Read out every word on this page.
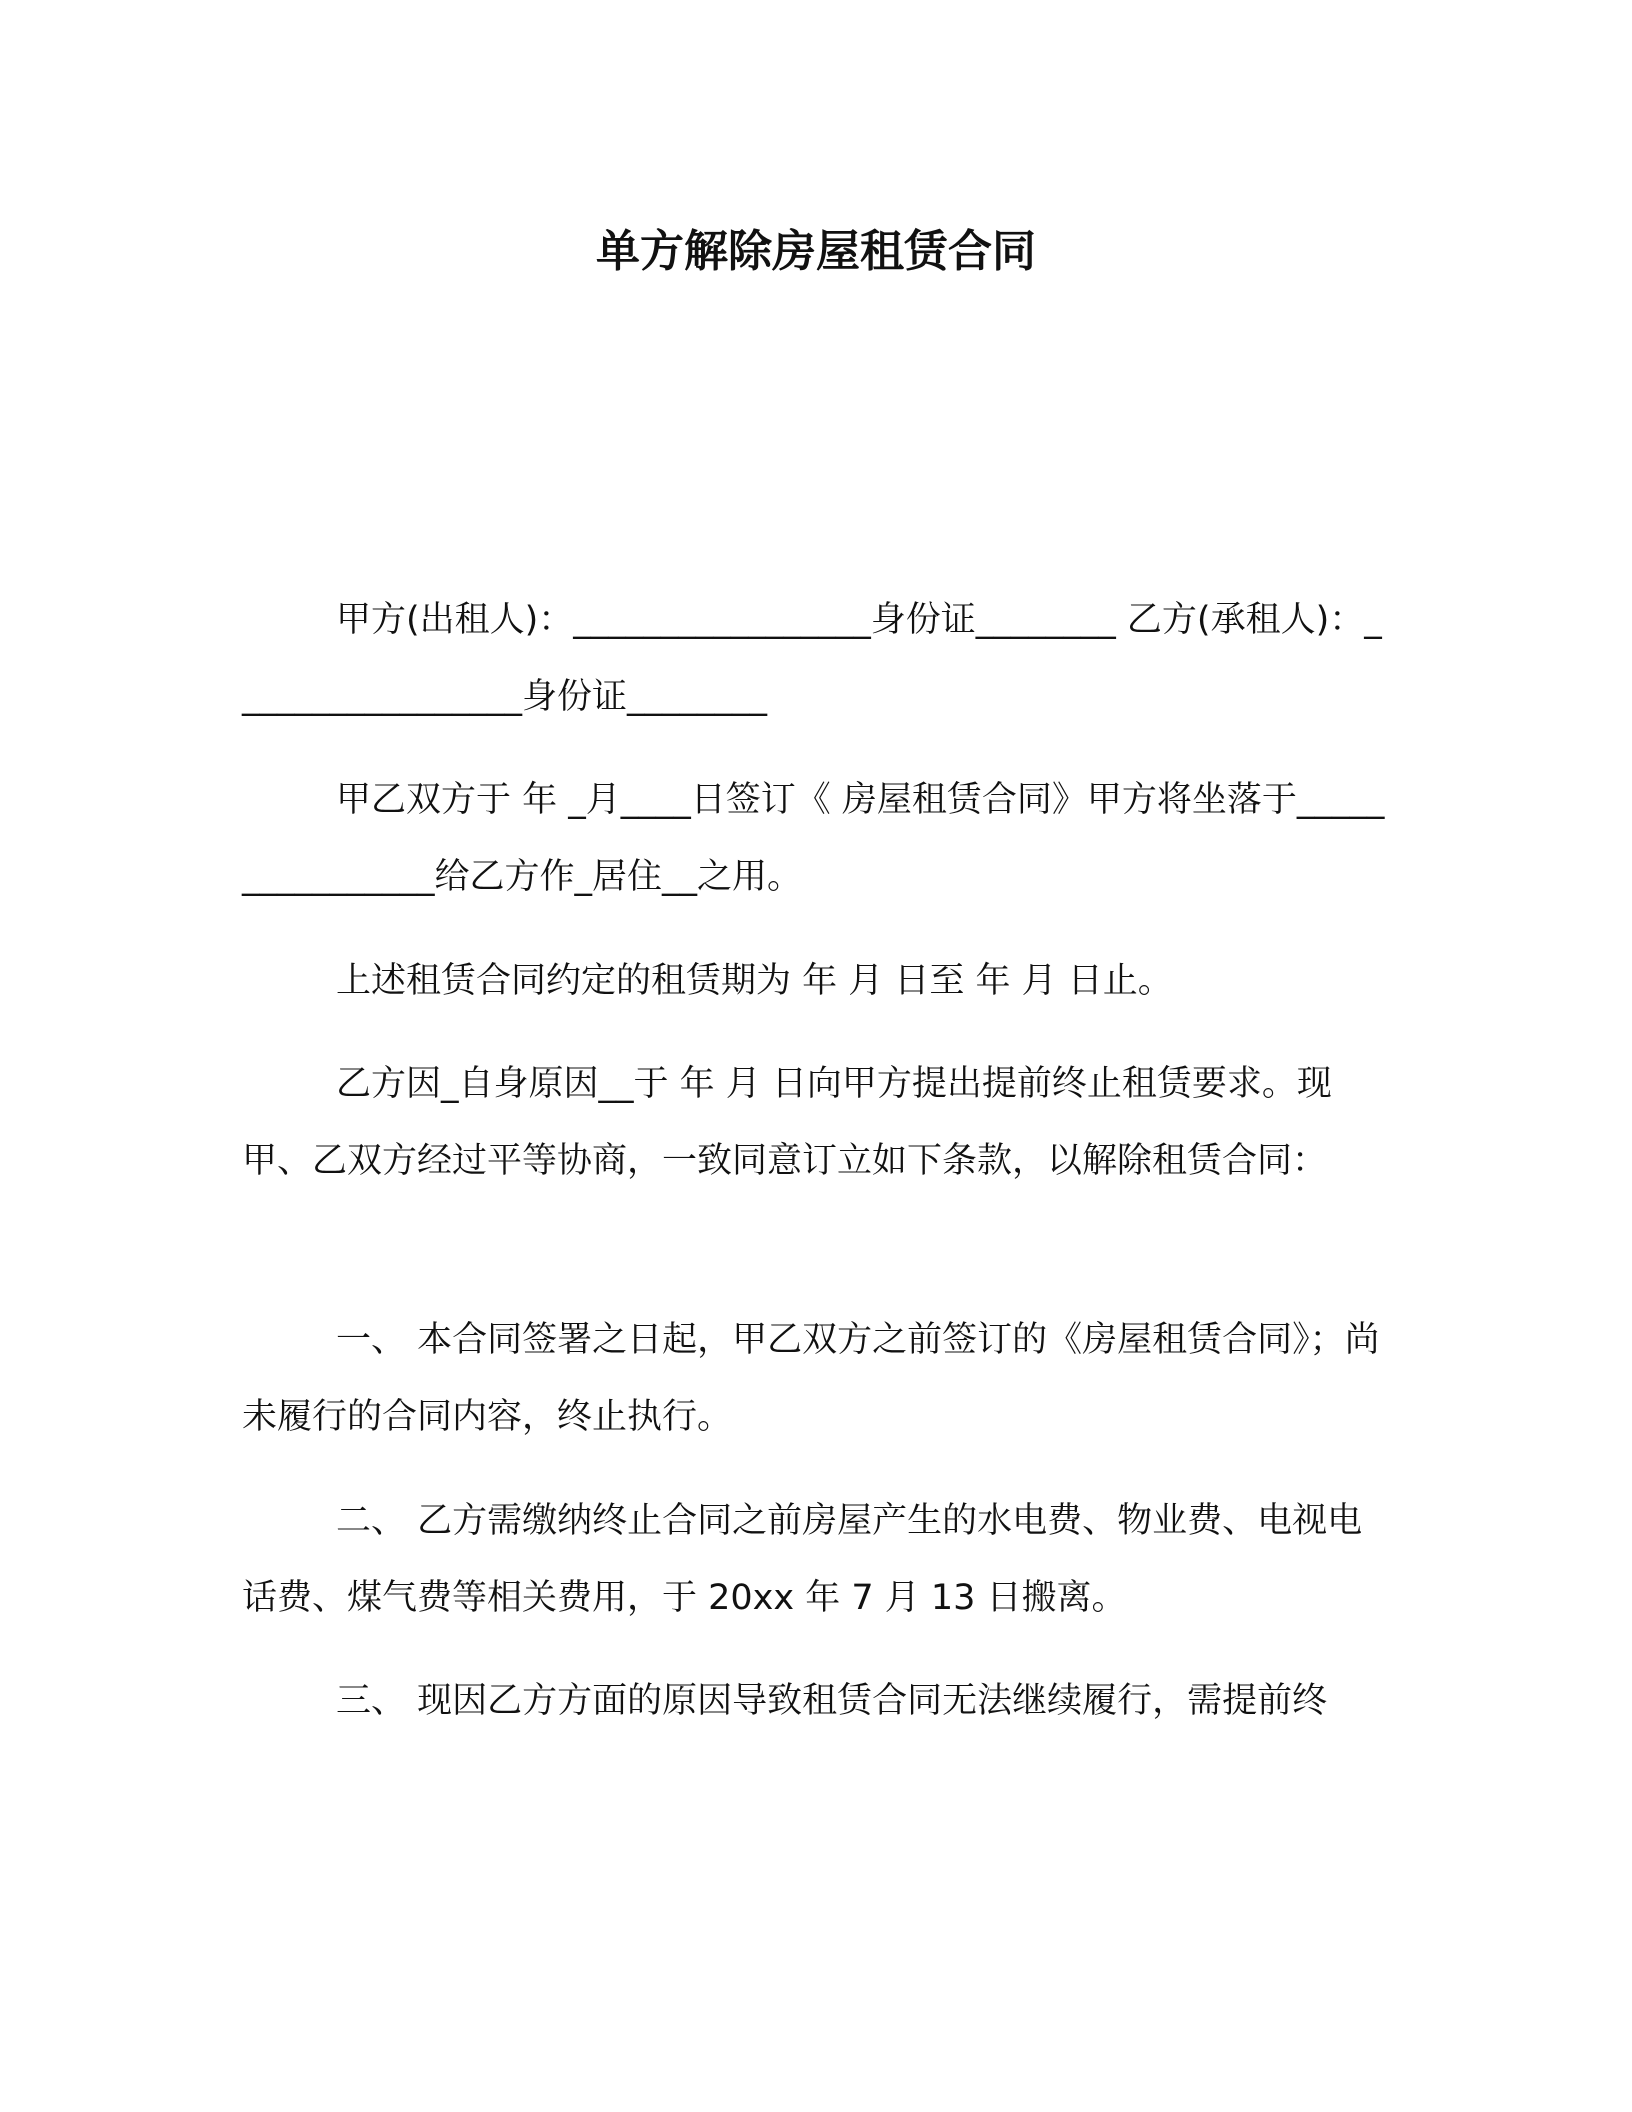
单方解除房屋租赁合同
甲方(出租人)：_________________身份证________ 乙方(承租人)：_________________身份证________
甲乙双方于 年 _月____日签订《 房屋租赁合同》甲方将坐落于________________给乙方作_居住__之用。
上述租赁合同约定的租赁期为 年 月 日至 年 月 日止。
乙方因_自身原因__于 年 月 日向甲方提出提前终止租赁要求。现甲、乙双方经过平等协商，一致同意订立如下条款，以解除租赁合同：
一、 本合同签署之日起，甲乙双方之前签订的《房屋租赁合同》；尚未履行的合同内容，终止执行。
二、 乙方需缴纳终止合同之前房屋产生的水电费、物业费、电视电话费、煤气费等相关费用，于 20xx 年 7 月 13 日搬离。
三、 现因乙方方面的原因导致租赁合同无法继续履行，需提前终
